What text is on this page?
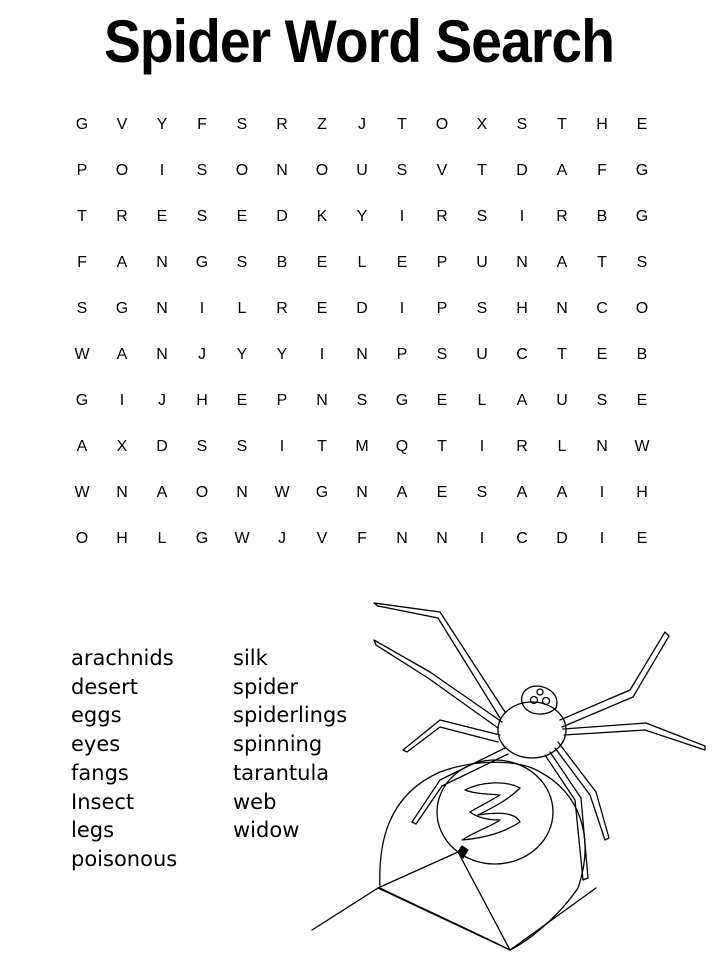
Spider Word Search
G	V	Y	F	S	R	Z	J	T	O	X	S	T	H	E
P	O	I	S	O	N	O	U	S	V	T	D	A	F	G
T	R	E	S	E	D	K	Y	I	R	S	I	R	B	G
F	A	N	G	S	B	E	L	E	P	U	N	A	T	S
S	G	N	I	L	R	E	D	I	P	S	H	N	C	O
W	A	N	J	Y	Y	I	N	P	S	U	C	T	E	B
G	I	J	H	E	P	N	S	G	E	L	A	U	S	E
A	X	D	S	S	I	T	M	Q	T	I	R	L	N	W
W	N	A	O	N	W	G	N	A	E	S	A	A	I	H
O	H	L	G	W	J	V	F	N	N	I	C	D	I	E
arachnids
desert
eggs
eyes
fangs
Insect
legs
poisonous
silk
spider
spiderlings
spinning
tarantula
web
widow
